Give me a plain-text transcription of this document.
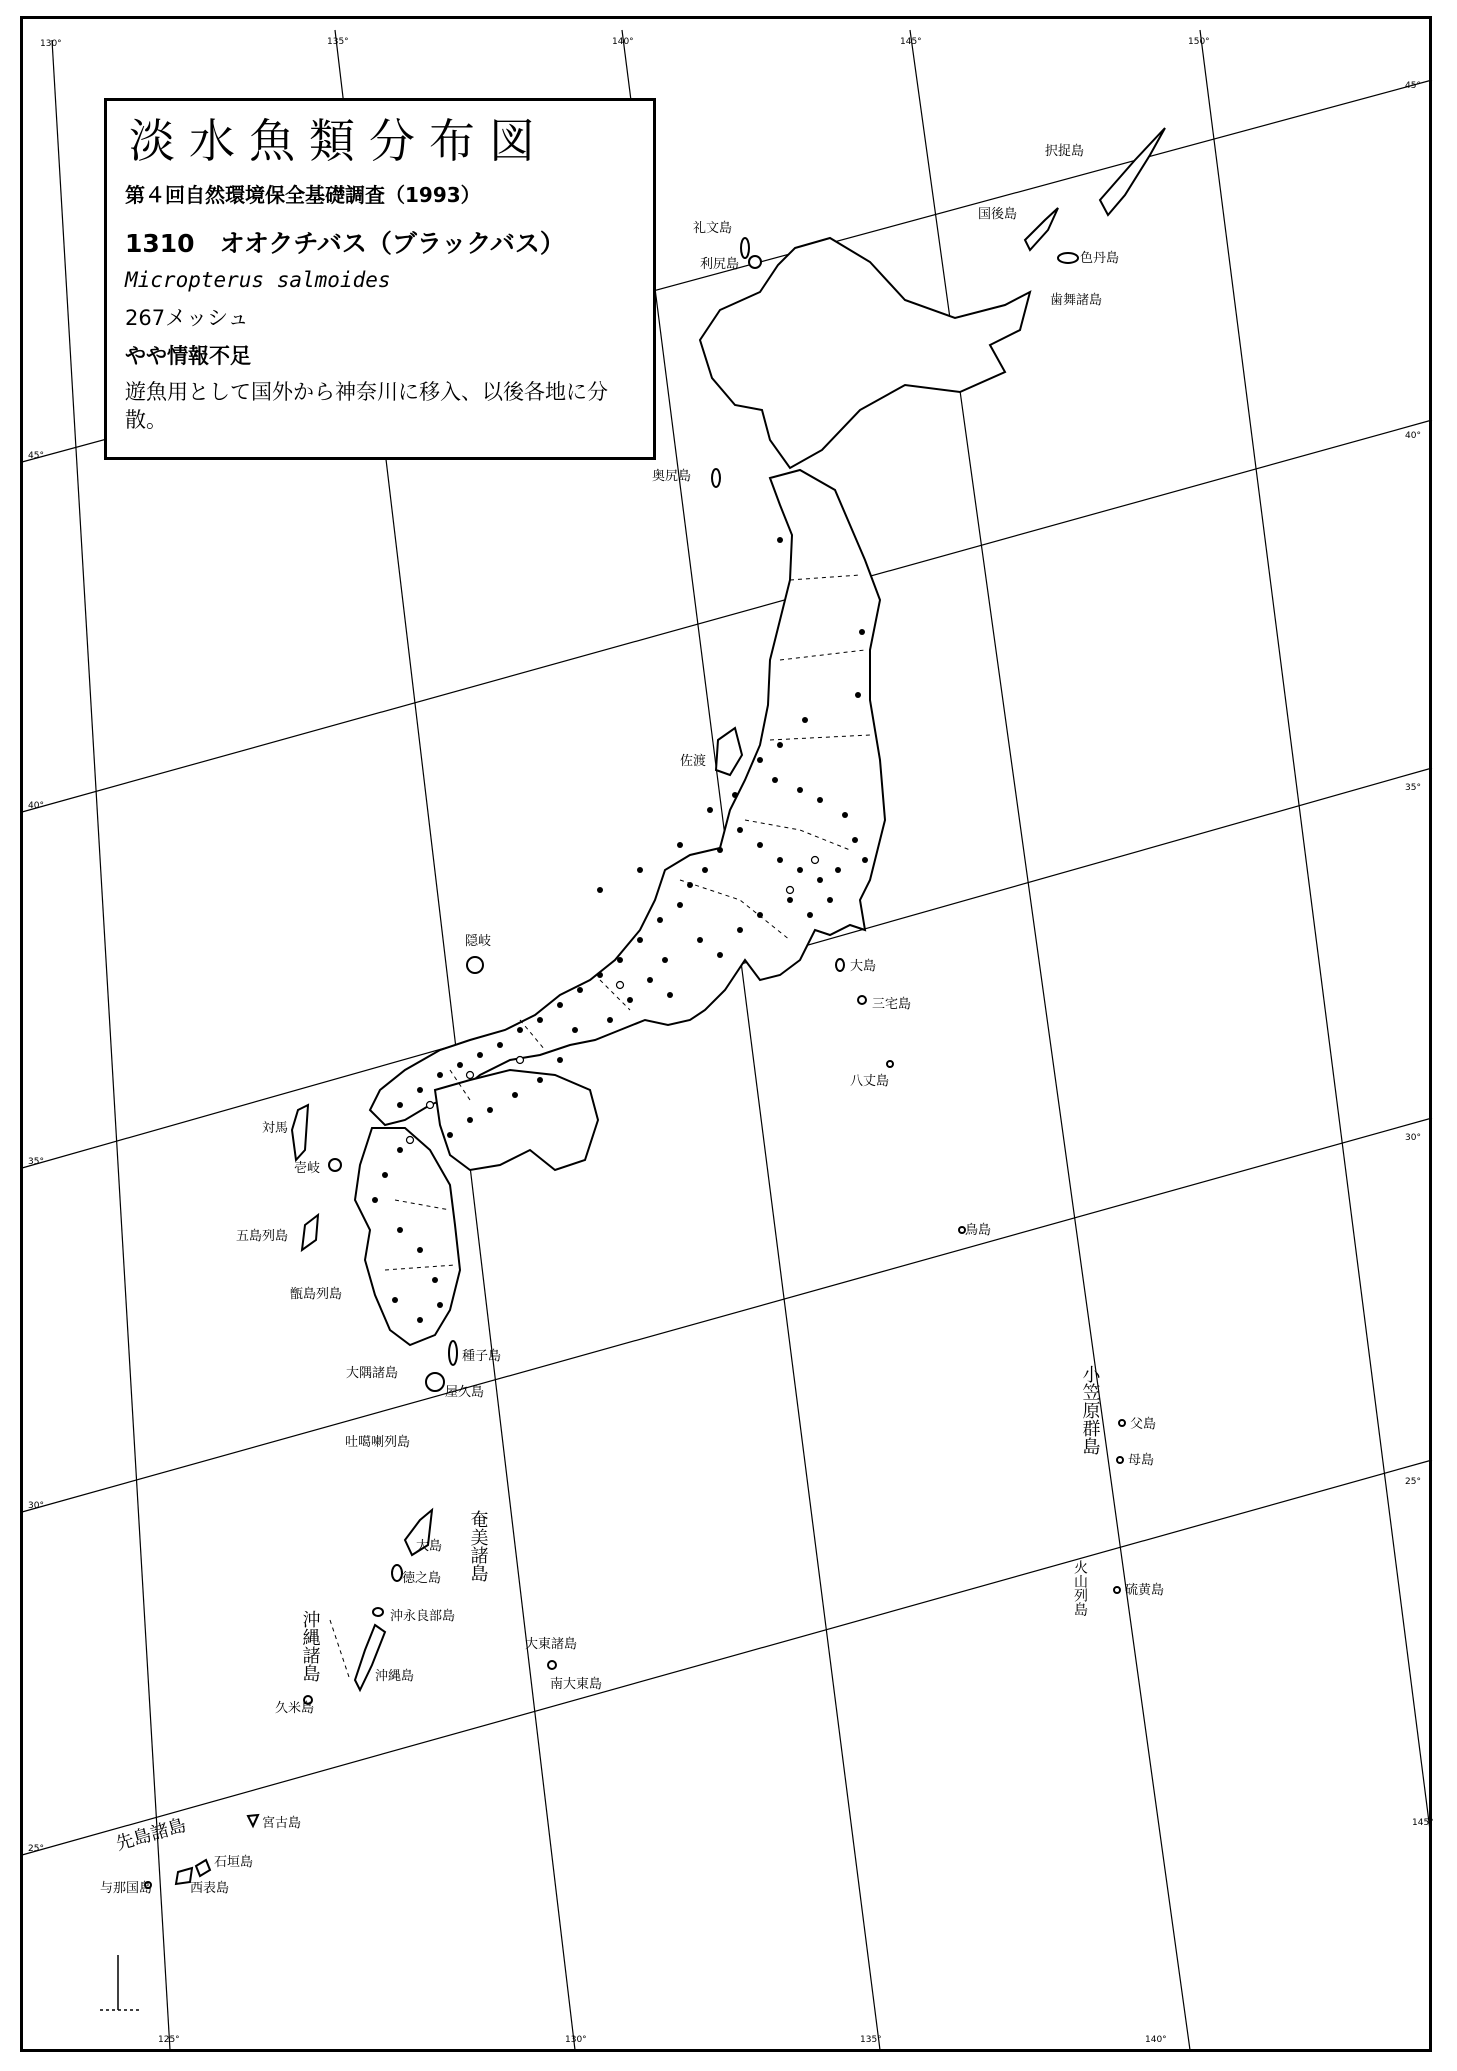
130°	135°	140°	145°	150°
125°	130°	135°	140°
145°
45°
40°
35°
30°
25°
45°
40°
35°
30°
25°
択捉島
国後島
色丹島
歯舞諸島
礼文島
利尻島
奥尻島
佐渡
隠岐
大島
三宅島
八丈島
鳥島
対馬
壱岐
五島列島
甑島列島
大隅諸島
種子島
屋久島
吐噶喇列島
大島
徳之島
沖永良部島
沖縄島
久米島
大東諸島
南大東島
父島
母島
硫黄島
宮古島
石垣島
与那国島	西表島
奄美諸島
沖縄諸島
小笠原群島
火山列島
先島諸島
淡水魚類分布図
第４回自然環境保全基礎調査（1993）
1310　オオクチバス（ブラックバス）
Micropterus salmoides
267メッシュ
やや情報不足
遊魚用として国外から神奈川に移入、以後各地に分散。
